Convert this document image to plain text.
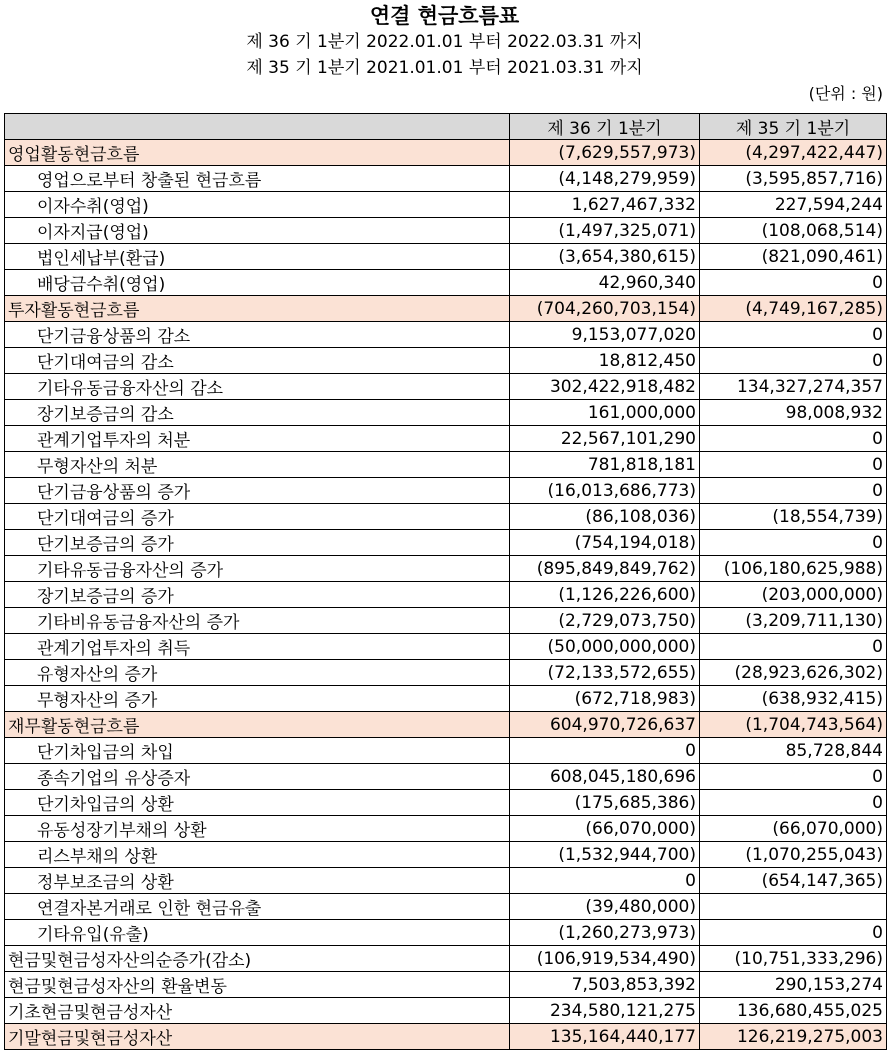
연결 현금흐름표
제 36 기 1분기 2022.01.01 부터 2022.03.31 까지
제 35 기 1분기 2021.01.01 부터 2021.03.31 까지
(단위 : 원)
	제 36 기 1분기	제 35 기 1분기
영업활동현금흐름	(7,629,557,973)	(4,297,422,447)
영업으로부터 창출된 현금흐름	(4,148,279,959)	(3,595,857,716)
이자수취(영업)	1,627,467,332	227,594,244
이자지급(영업)	(1,497,325,071)	(108,068,514)
법인세납부(환급)	(3,654,380,615)	(821,090,461)
배당금수취(영업)	42,960,340	0
투자활동현금흐름	(704,260,703,154)	(4,749,167,285)
단기금융상품의 감소	9,153,077,020	0
단기대여금의 감소	18,812,450	0
기타유동금융자산의 감소	302,422,918,482	134,327,274,357
장기보증금의 감소	161,000,000	98,008,932
관계기업투자의 처분	22,567,101,290	0
무형자산의 처분	781,818,181	0
단기금융상품의 증가	(16,013,686,773)	0
단기대여금의 증가	(86,108,036)	(18,554,739)
단기보증금의 증가	(754,194,018)	0
기타유동금융자산의 증가	(895,849,849,762)	(106,180,625,988)
장기보증금의 증가	(1,126,226,600)	(203,000,000)
기타비유동금융자산의 증가	(2,729,073,750)	(3,209,711,130)
관계기업투자의 취득	(50,000,000,000)	0
유형자산의 증가	(72,133,572,655)	(28,923,626,302)
무형자산의 증가	(672,718,983)	(638,932,415)
재무활동현금흐름	604,970,726,637	(1,704,743,564)
단기차입금의 차입	0	85,728,844
종속기업의 유상증자	608,045,180,696	0
단기차입금의 상환	(175,685,386)	0
유동성장기부채의 상환	(66,070,000)	(66,070,000)
리스부채의 상환	(1,532,944,700)	(1,070,255,043)
정부보조금의 상환	0	(654,147,365)
연결자본거래로 인한 현금유출	(39,480,000)	
기타유입(유출)	(1,260,273,973)	0
현금및현금성자산의순증가(감소)	(106,919,534,490)	(10,751,333,296)
현금및현금성자산의 환율변동	7,503,853,392	290,153,274
기초현금및현금성자산	234,580,121,275	136,680,455,025
기말현금및현금성자산	135,164,440,177	126,219,275,003
